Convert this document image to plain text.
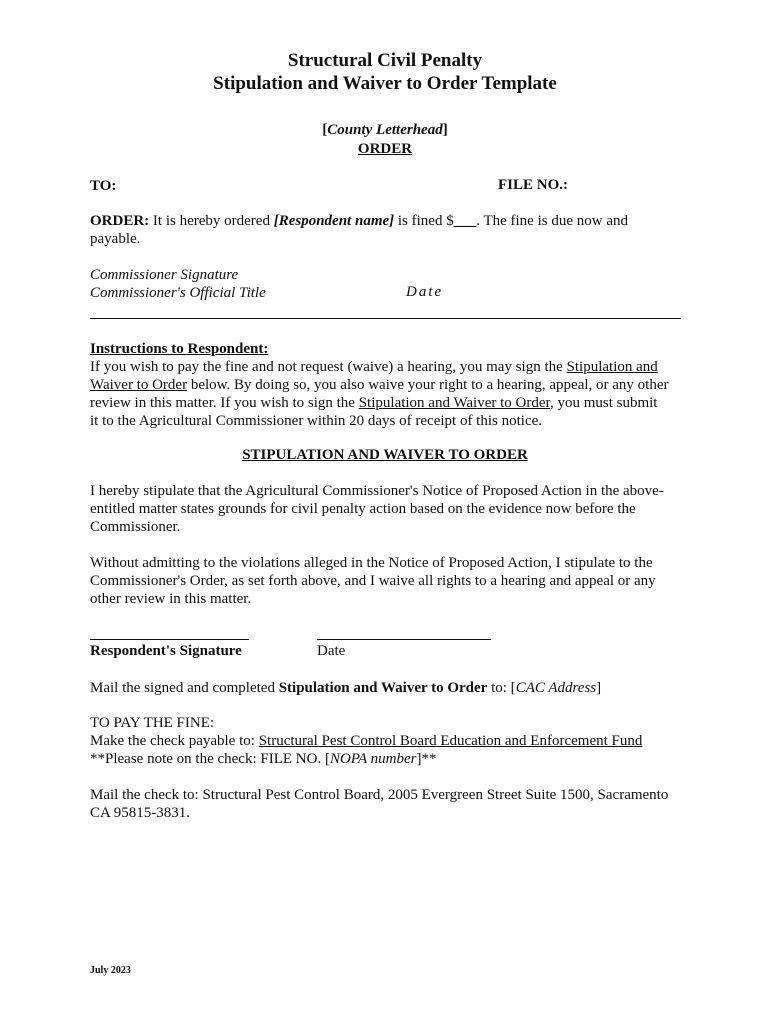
Structural Civil Penalty
Stipulation and Waiver to Order Template
[County Letterhead]
ORDER
TO:	FILE NO.:
ORDER: It is hereby ordered [Respondent name] is fined $___. The fine is due now and
payable.
Commissioner Signature
Commissioner's Official Title	Date
Instructions to Respondent:
If you wish to pay the fine and not request (waive) a hearing, you may sign the Stipulation and
Waiver to Order below. By doing so, you also waive your right to a hearing, appeal, or any other
review in this matter. If you wish to sign the Stipulation and Waiver to Order, you must submit
it to the Agricultural Commissioner within 20 days of receipt of this notice.
STIPULATION AND WAIVER TO ORDER
I hereby stipulate that the Agricultural Commissioner's Notice of Proposed Action in the above-
entitled matter states grounds for civil penalty action based on the evidence now before the
Commissioner.
Without admitting to the violations alleged in the Notice of Proposed Action, I stipulate to the
Commissioner's Order, as set forth above, and I waive all rights to a hearing and appeal or any
other review in this matter.
Respondent's Signature	Date
Mail the signed and completed Stipulation and Waiver to Order to: [CAC Address]
TO PAY THE FINE:
Make the check payable to: Structural Pest Control Board Education and Enforcement Fund
**Please note on the check: FILE NO. [NOPA number]**
Mail the check to: Structural Pest Control Board, 2005 Evergreen Street Suite 1500, Sacramento
CA 95815-3831.
July 2023
